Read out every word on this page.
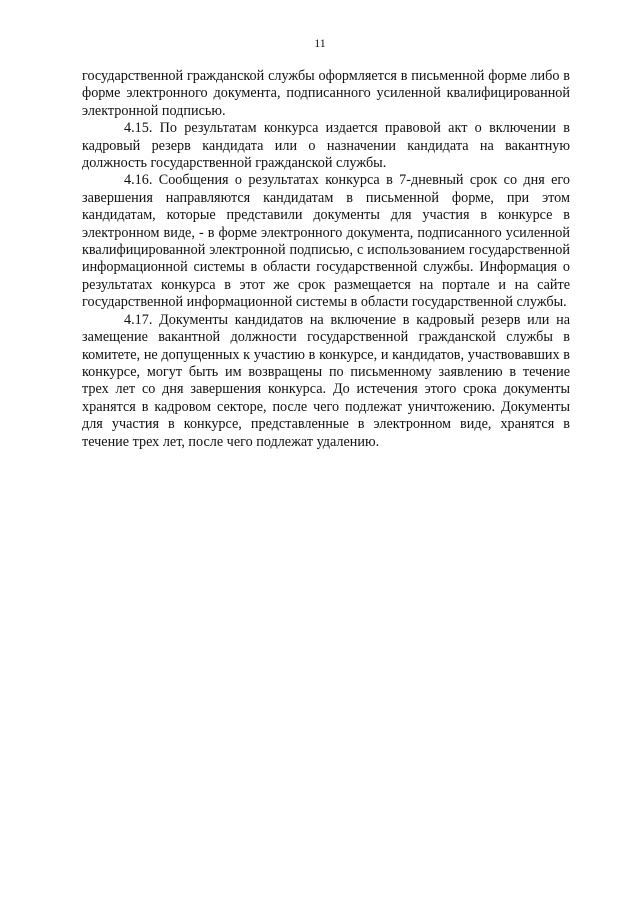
11

государственной гражданской службы оформляется в письменной форме либо в форме электронного документа, подписанного усиленной квалифицированной электронной подписью.

4.15. По результатам конкурса издается правовой акт о включении в кадровый резерв кандидата или о назначении кандидата на вакантную должность государственной гражданской службы.

4.16. Сообщения о результатах конкурса в 7-дневный срок со дня его завершения направляются кандидатам в письменной форме, при этом кандидатам, которые представили документы для участия в конкурсе в электронном виде, - в форме электронного документа, подписанного усиленной квалифицированной электронной подписью, с использованием государственной информационной системы в области государственной службы. Информация о результатах конкурса в этот же срок размещается на портале и на сайте государственной информационной системы в области государственной службы.

4.17. Документы кандидатов на включение в кадровый резерв или на замещение вакантной должности государственной гражданской службы в комитете, не допущенных к участию в конкурсе, и кандидатов, участвовавших в конкурсе, могут быть им возвращены по письменному заявлению в течение трех лет со дня завершения конкурса. До истечения этого срока документы хранятся в кадровом секторе, после чего подлежат уничтожению. Документы для участия в конкурсе, представленные в электронном виде, хранятся в течение трех лет, после чего подлежат удалению.
